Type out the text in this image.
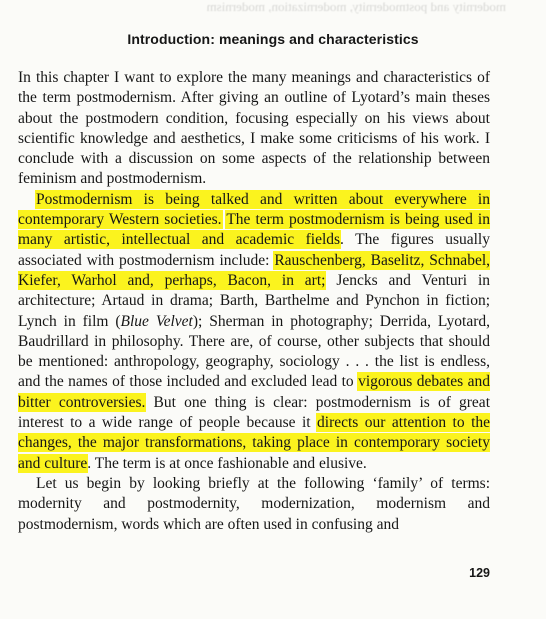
modernity and postmodernity, modernization, modernism
Introduction: meanings and characteristics

In this chapter I want to explore the many meanings and characteristics of the term postmodernism. After giving an outline of Lyotard’s main theses about the postmodern condition, focusing especially on his views about scientific knowledge and aesthetics, I make some criticisms of his work. I conclude with a discussion on some aspects of the relationship between feminism and postmodernism.

Postmodernism is being talked and written about everywhere in contemporary Western societies. The term postmodernism is being used in many artistic, intellectual and academic fields. The figures usually associated with postmodernism include: Rauschenberg, Baselitz, Schnabel, Kiefer, Warhol and, perhaps, Bacon, in art; Jencks and Venturi in architecture; Artaud in drama; Barth, Barthelme and Pynchon in fiction; Lynch in film (Blue Velvet); Sherman in photography; Derrida, Lyotard, Baudrillard in philosophy. There are, of course, other subjects that should be mentioned: anthropology, geography, sociology . . . the list is endless, and the names of those included and excluded lead to vigorous debates and bitter controversies. But one thing is clear: postmodernism is of great interest to a wide range of people because it directs our attention to the changes, the major transformations, taking place in contemporary society and culture. The term is at once fashionable and elusive.

Let us begin by looking briefly at the following ‘family’ of terms: modernity and postmodernity, modernization, modernism and postmodernism, words which are often used in confusing and

129
